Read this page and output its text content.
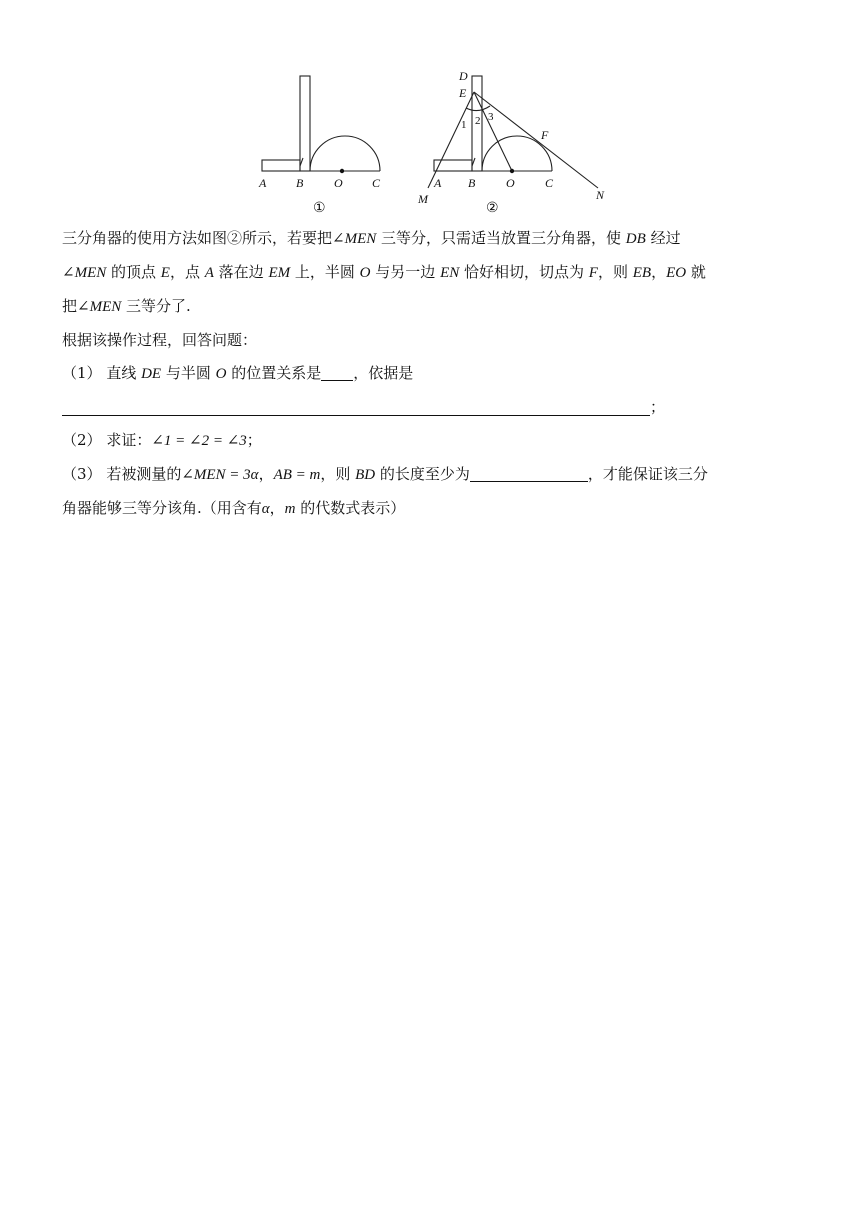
A B	O C
①
D
E
1 2 3
F
A B	O	C
M	N
②
三分角器的使用方法如图②所示，若要把∠MEN 三等分，只需适当放置三分角器，使 DB 经过
∠MEN 的顶点 E，点 A 落在边 EM 上，半圆 O 与另一边 EN 恰好相切，切点为 F，则 EB，EO 就
把∠MEN 三等分了.
根据该操作过程，回答问题：
（1） 直线 DE 与半圆 O 的位置关系是 ，依据是
；
（2） 求证：∠1 = ∠2 = ∠3；
（3） 若被测量的∠MEN = 3α，AB = m，则 BD 的长度至少为	，才能保证该三分
角器能够三等分该角.（用含有α，m 的代数式表示）
